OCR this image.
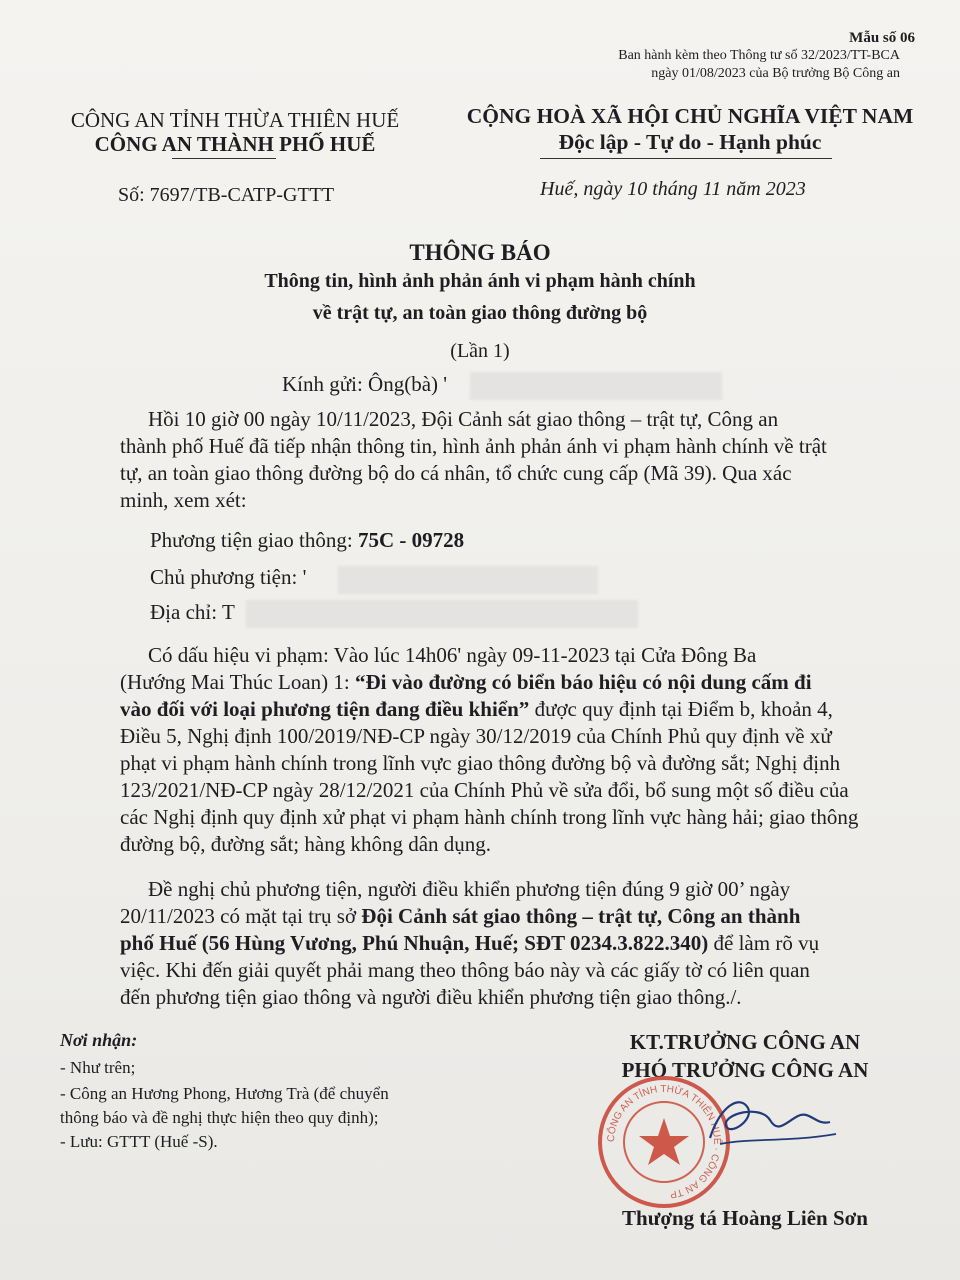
Mẫu số 06
Ban hành kèm theo Thông tư số 32/2023/TT-BCA
ngày 01/08/2023 của Bộ trưởng Bộ Công an
CÔNG AN TỈNH THỪA THIÊN HUẾ
CÔNG AN THÀNH PHỐ HUẾ
CỘNG HOÀ XÃ HỘI CHỦ NGHĨA VIỆT NAM
Độc lập - Tự do - Hạnh phúc
Số: 7697/TB-CATP-GTTT	Huế, ngày 10 tháng 11 năm 2023
THÔNG BÁO
Thông tin, hình ảnh phản ánh vi phạm hành chính
về trật tự, an toàn giao thông đường bộ
(Lần 1)
Kính gửi: Ông(bà) '
Hồi 10 giờ 00 ngày 10/11/2023, Đội Cảnh sát giao thông – trật tự, Công an
thành phố Huế đã tiếp nhận thông tin, hình ảnh phản ánh vi phạm hành chính về trật
tự, an toàn giao thông đường bộ do cá nhân, tổ chức cung cấp (Mã 39). Qua xác
minh, xem xét:
Phương tiện giao thông: 75C - 09728
Chủ phương tiện: '
Địa chỉ: T
Có dấu hiệu vi phạm: Vào lúc 14h06' ngày 09-11-2023 tại Cửa Đông Ba
(Hướng Mai Thúc Loan) 1: “Đi vào đường có biển báo hiệu có nội dung cấm đi
vào đối với loại phương tiện đang điều khiển” được quy định tại Điểm b, khoản 4,
Điều 5, Nghị định 100/2019/NĐ-CP ngày 30/12/2019 của Chính Phủ quy định về xử
phạt vi phạm hành chính trong lĩnh vực giao thông đường bộ và đường sắt; Nghị định
123/2021/NĐ-CP ngày 28/12/2021 của Chính Phủ về sửa đổi, bổ sung một số điều của
các Nghị định quy định xử phạt vi phạm hành chính trong lĩnh vực hàng hải; giao thông
đường bộ, đường sắt; hàng không dân dụng.
Đề nghị chủ phương tiện, người điều khiển phương tiện đúng 9 giờ 00’ ngày
20/11/2023 có mặt tại trụ sở Đội Cảnh sát giao thông – trật tự, Công an thành
phố Huế (56 Hùng Vương, Phú Nhuận, Huế; SĐT 0234.3.822.340) để làm rõ vụ
việc. Khi đến giải quyết phải mang theo thông báo này và các giấy tờ có liên quan
đến phương tiện giao thông và người điều khiển phương tiện giao thông./.
Nơi nhận:
- Như trên;
- Công an Hương Phong, Hương Trà (để chuyển
thông báo và đề nghị thực hiện theo quy định);
- Lưu: GTTT (Huế -S).
KT.TRƯỞNG CÔNG AN
PHÓ TRƯỞNG CÔNG AN
CÔNG AN TỈNH THỪA THIÊN HUẾ · CÔNG AN TP
Thượng tá Hoàng Liên Sơn
